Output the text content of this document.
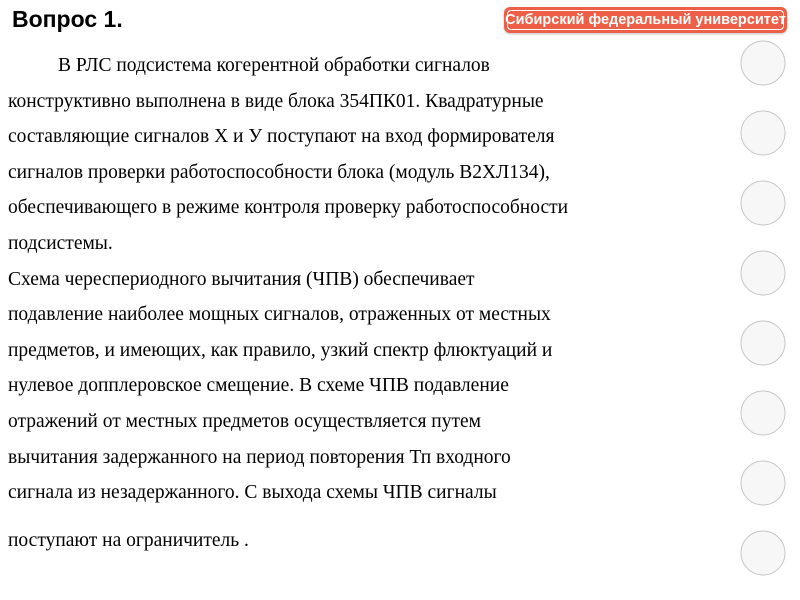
Сибирский федеральный университет
Вопрос 1.
В РЛС подсистема когерентной обработки сигналов
конструктивно выполнена в виде блока 354ПК01. Квадратурные
составляющие сигналов Х и У поступают на вход формирователя
сигналов проверки работоспособности блока (модуль В2ХЛ134),
обеспечивающего в режиме контроля проверку работоспособности
подсистемы.
Схема череспериодного вычитания (ЧПВ) обеспечивает
подавление наиболее мощных сигналов, отраженных от местных
предметов, и имеющих, как правило, узкий спектр флюктуаций и
нулевое допплеровское смещение. В схеме ЧПВ подавление
отражений от местных предметов осуществляется путем
вычитания задержанного на период повторения Тп входного
сигнала из незадержанного. С выхода схемы ЧПВ сигналы
поступают на ограничитель .
